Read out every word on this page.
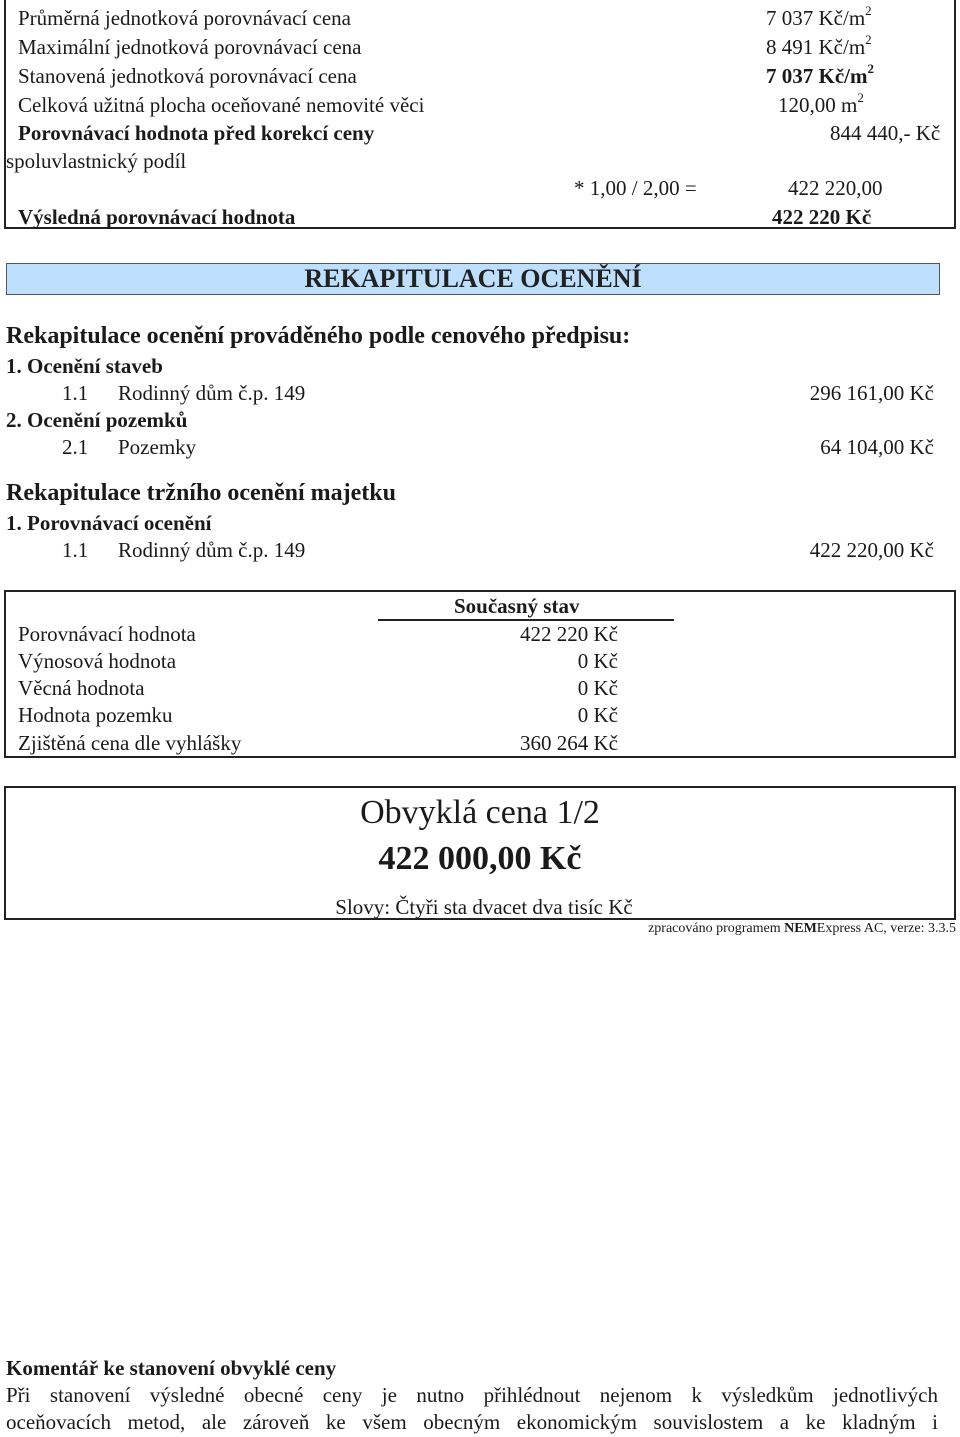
Průměrná jednotková porovnávací cena	7 037 $Kč/m^2$
Maximální jednotková porovnávací cena	8 491 $Kč/m^2$
Stanovená jednotková porovnávací cena	7 037 $Kč/m^2$
Celková užitná plocha oceňované nemovité věci	120,00 $m^2$
Porovnávací hodnota před korekcí ceny	844 440,- Kč
spoluvlastnický podíl
* 1,00 / 2,00 =	422 220,00
Výsledná porovnávací hodnota	422 220 Kč
REKAPITULACE OCENĚNÍ
Rekapitulace ocenění prováděného podle cenového předpisu:
1. Ocenění staveb
1.1 Rodinný dům č.p. 149	296 161,00 Kč
2. Ocenění pozemků
2.1 Pozemky	64 104,00 Kč
Rekapitulace tržního ocenění majetku
1. Porovnávací ocenění
1.1 Rodinný dům č.p. 149	422 220,00 Kč
Současný stav
Porovnávací hodnota	422 220 Kč
Výnosová hodnota	0 Kč
Věcná hodnota	0 Kč
Hodnota pozemku	0 Kč
Zjištěná cena dle vyhlášky	360 264 Kč
Obvyklá cena 1/2
422 000,00 Kč
Slovy: Čtyři sta dvacet dva tisíc Kč
zpracováno programem NEMExpress AC, verze: 3.3.5
Komentář ke stanovení obvyklé ceny
Při stanovení výsledné obecné ceny je nutno přihlédnout nejenom k výsledkům jednotlivých
oceňovacích metod, ale zároveň ke všem obecným ekonomickým souvislostem a ke kladným i
